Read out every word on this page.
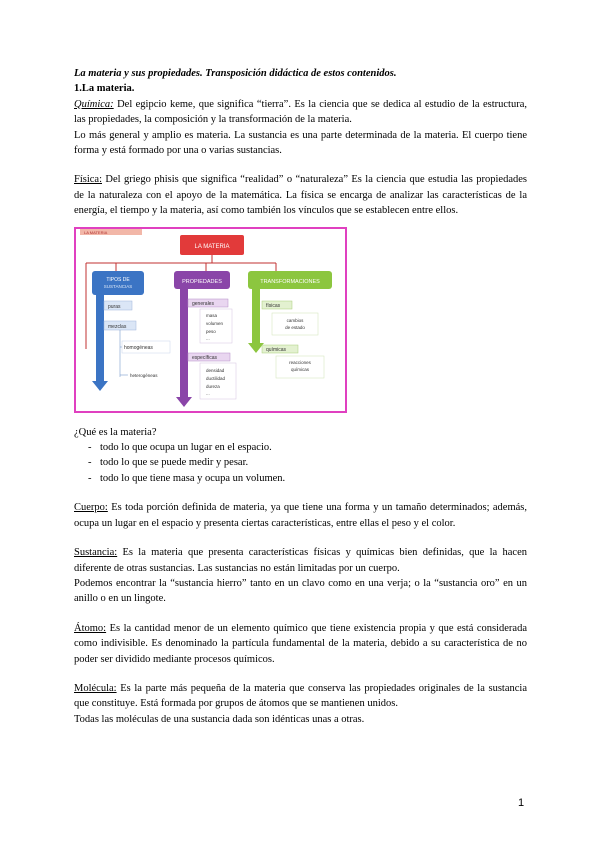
La materia y sus propiedades. Transposición didáctica de estos contenidos.

1.La materia.

Química: Del egipcio keme, que significa “tierra”. Es la ciencia que se dedica al estudio de la estructura, las propiedades, la composición y la transformación de la materia.

Lo más general y amplio es materia. La sustancia es una parte determinada de la materia. El cuerpo tiene forma y está formado por una o varias sustancias.

Física: Del griego phisis que significa “realidad” o “naturaleza” Es la ciencia que estudia las propiedades de la naturaleza con el apoyo de la matemática. La física se encarga de analizar las características de la energía, el tiempo y la materia, así como también los vínculos que se establecen entre ellos.

LA MATERIA
LA MATERIA
TIPOS DE
SUSTANCIAS
puras
mezclas
homogéneas
heterogéneas
PROPIEDADES
generales
masa
volumen
peso
...
específicas
densidad
ductilidad
dureza
...
TRANSFORMACIONES
físicas
cambios
de estado
químicas
reacciones
químicas

¿Qué es la materia?

- todo lo que ocupa un lugar en el espacio.
- todo lo que se puede medir y pesar.
- todo lo que tiene masa y ocupa un volumen.

Cuerpo: Es toda porción definida de materia, ya que tiene una forma y un tamaño determinados; además, ocupa un lugar en el espacio y presenta ciertas características, entre ellas el peso y el color.

Sustancia: Es la materia que presenta características físicas y químicas bien definidas, que la hacen diferente de otras sustancias. Las sustancias no están limitadas por un cuerpo.

Podemos encontrar la “sustancia hierro” tanto en un clavo como en una verja; o la “sustancia oro” en un anillo o en un lingote.

Átomo: Es la cantidad menor de un elemento químico que tiene existencia propia y que está considerada como indivisible. Es denominado la partícula fundamental de la materia, debido a su característica de no poder ser dividido mediante procesos químicos.

Molécula: Es la parte más pequeña de la materia que conserva las propiedades originales de la sustancia que constituye. Está formada por grupos de átomos que se mantienen unidos.

Todas las moléculas de una sustancia dada son idénticas unas a otras.

1
